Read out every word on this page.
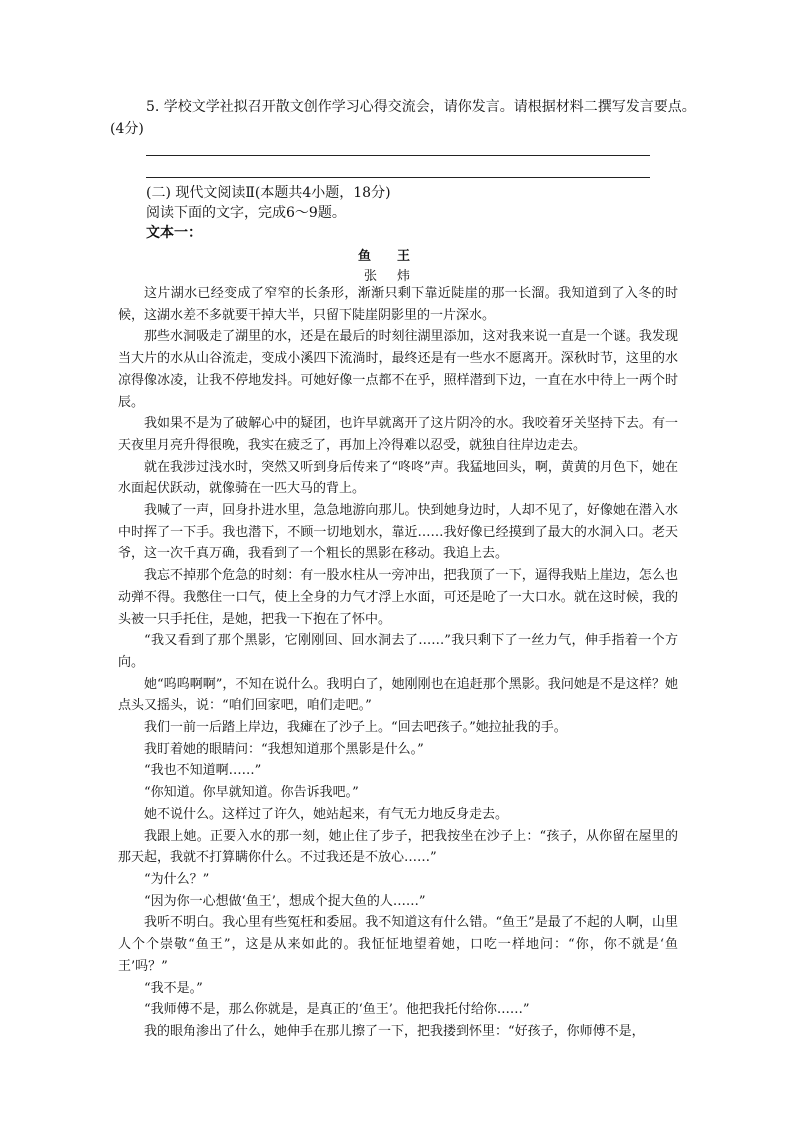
5. 学校文学社拟召开散文创作学习心得交流会，请你发言。请根据材料二撰写发言要点。
(4分)
(二) 现代文阅读Ⅱ(本题共4小题，18分)
阅读下面的文字，完成6～9题。
文本一：
鱼王
张炜

这片湖水已经变成了窄窄的长条形，渐渐只剩下靠近陡崖的那一长溜。我知道到了入冬的时候，这湖水差不多就要干掉大半，只留下陡崖阴影里的一片深水。

那些水洞吸走了湖里的水，还是在最后的时刻往湖里添加，这对我来说一直是一个谜。我发现当大片的水从山谷流走，变成小溪四下流淌时，最终还是有一些水不愿离开。深秋时节，这里的水凉得像冰凌，让我不停地发抖。可她好像一点都不在乎，照样潜到下边，一直在水中待上一两个时辰。

我如果不是为了破解心中的疑团，也许早就离开了这片阴冷的水。我咬着牙关坚持下去。有一天夜里月亮升得很晚，我实在疲乏了，再加上冷得难以忍受，就独自往岸边走去。

就在我涉过浅水时，突然又听到身后传来了“咚咚”声。我猛地回头，啊，黄黄的月色下，她在水面起伏跃动，就像骑在一匹大马的背上。

我喊了一声，回身扑进水里，急急地游向那儿。快到她身边时，人却不见了，好像她在潜入水中时挥了一下手。我也潜下，不顾一切地划水，靠近……我好像已经摸到了最大的水洞入口。老天爷，这一次千真万确，我看到了一个粗长的黑影在移动。我追上去。

我忘不掉那个危急的时刻：有一股水柱从一旁冲出，把我顶了一下，逼得我贴上崖边，怎么也动弹不得。我憋住一口气，使上全身的力气才浮上水面，可还是呛了一大口水。就在这时候，我的头被一只手托住，是她，把我一下抱在了怀中。

“我又看到了那个黑影，它刚刚回、回水洞去了……”我只剩下了一丝力气，伸手指着一个方向。

她“呜呜啊啊”，不知在说什么。我明白了，她刚刚也在追赶那个黑影。我问她是不是这样？她点头又摇头，说：“咱们回家吧，咱们走吧。”

我们一前一后踏上岸边，我瘫在了沙子上。“回去吧孩子。”她拉扯我的手。

我盯着她的眼睛问：“我想知道那个黑影是什么。”

“我也不知道啊……”

“你知道。你早就知道。你告诉我吧。”

她不说什么。这样过了许久，她站起来，有气无力地反身走去。

我跟上她。正要入水的那一刻，她止住了步子，把我按坐在沙子上：“孩子，从你留在屋里的那天起，我就不打算瞒你什么。不过我还是不放心……”

“为什么？”

“因为你一心想做‘鱼王’，想成个捉大鱼的人……”

我听不明白。我心里有些冤枉和委屈。我不知道这有什么错。“鱼王”是最了不起的人啊，山里人个个崇敬“鱼王”，这是从来如此的。我怔怔地望着她，口吃一样地问：“你，你不就是‘鱼王’吗？”

“我不是。”

“我师傅不是，那么你就是，是真正的‘鱼王’。他把我托付给你……”

我的眼角渗出了什么，她伸手在那儿擦了一下，把我搂到怀里：“好孩子，你师傅不是，
